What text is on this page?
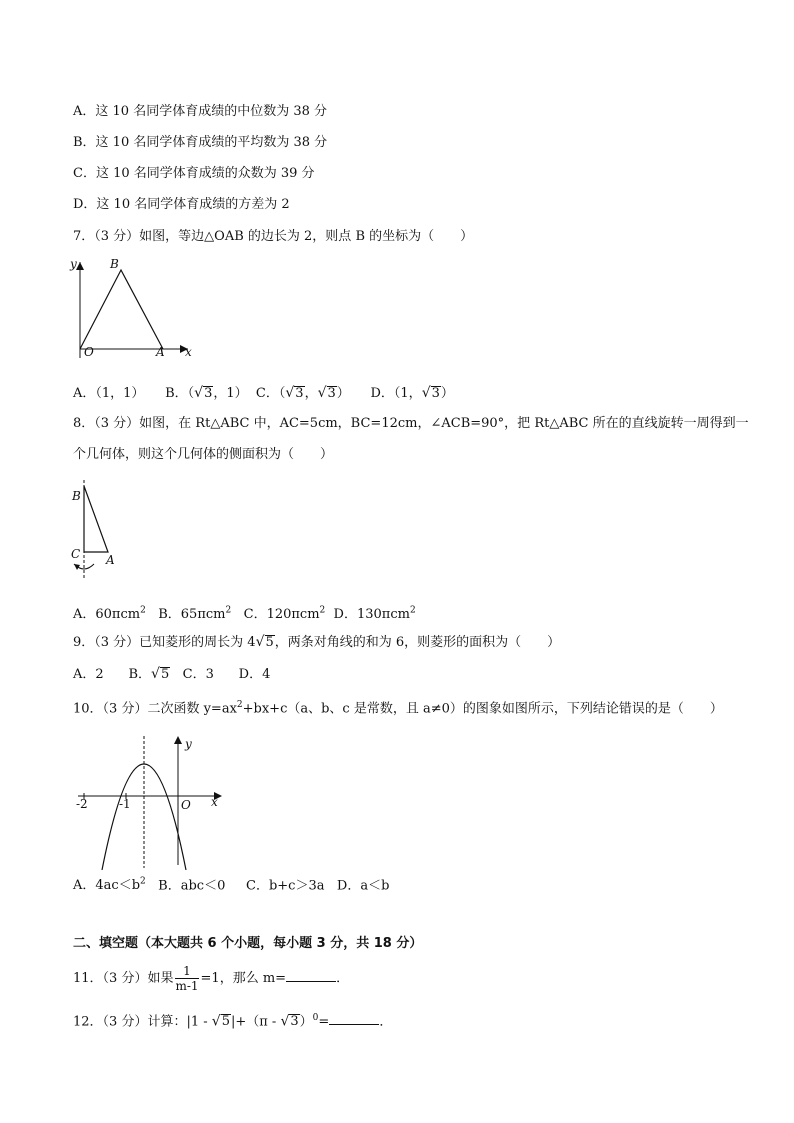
A．这 10 名同学体育成绩的中位数为 38 分
B．这 10 名同学体育成绩的平均数为 38 分
C．这 10 名同学体育成绩的众数为 39 分
D．这 10 名同学体育成绩的方差为 2
7．（3 分）如图，等边△OAB 的边长为 2，则点 B 的坐标为（　　）
y	B
O	A x
A．（1，1） B．（√3，1） C．（√3，√3） D．（1，√3）
8．（3 分）如图，在 Rt△ABC 中，AC=5cm，BC=12cm，∠ACB=90°，把 Rt△ABC 所在的直线旋转一周得到一
个几何体，则这个几何体的侧面积为（　　）
B
C A
A．60πcm$^2$ B．65πcm$^2$ C．120πcm$^2$ D．130πcm$^2$
9．（3 分）已知菱形的周长为 4√5，两条对角线的和为 6，则菱形的面积为（　　）
A．2 B．√5 C．3 D．4
10．（3 分）二次函数 $y=ax^2+bx+c(a$、b、c 是常数，且 a≠0）的图象如图所示，下列结论错误的是（　　）
y
x
O
-2	-1
A．$4ac<b^2$ B．abc＜0 C．b+c＞3a D．a＜b
二、填空题（本大题共 6 个小题，每小题 3 分，共 18 分）
11．（3 分）如果 $\frac{1}{m-1} =1$，那么 m=	．
12．（3 分）计算：|1 - √5|+（π - √3）$^0$=	．
